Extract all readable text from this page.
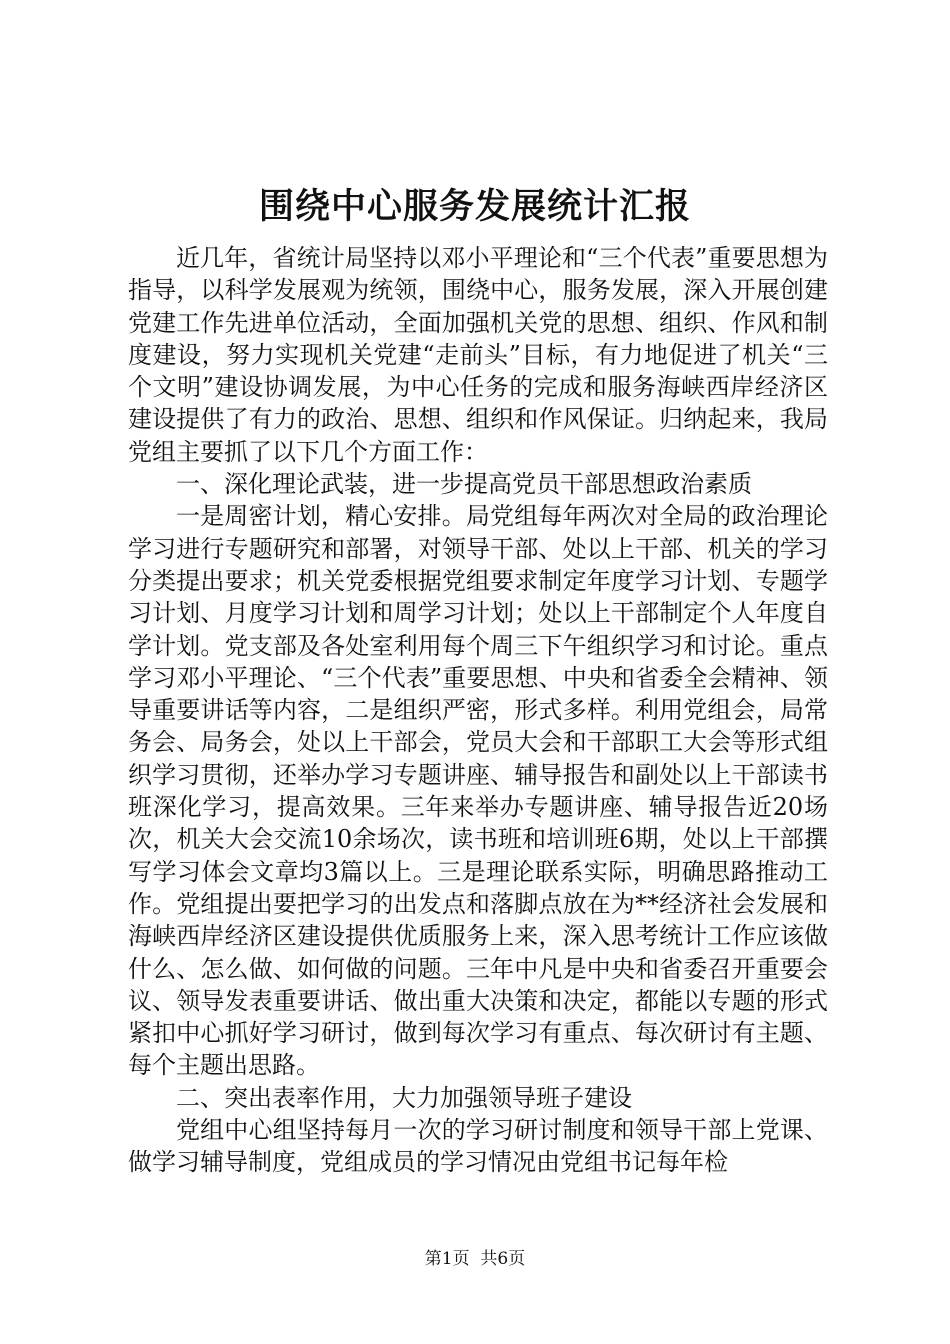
围绕中心服务发展统计汇报

近几年，省统计局坚持以邓小平理论和“三个代表”重要思想为指导，以科学发展观为统领，围绕中心，服务发展，深入开展创建党建工作先进单位活动，全面加强机关党的思想、组织、作风和制度建设，努力实现机关党建“走前头”目标，有力地促进了机关“三个文明”建设协调发展，为中心任务的完成和服务海峡西岸经济区建设提供了有力的政治、思想、组织和作风保证。归纳起来，我局党组主要抓了以下几个方面工作：

一、深化理论武装，进一步提高党员干部思想政治素质

一是周密计划，精心安排。局党组每年两次对全局的政治理论学习进行专题研究和部署，对领导干部、处以上干部、机关的学习分类提出要求；机关党委根据党组要求制定年度学习计划、专题学习计划、月度学习计划和周学习计划；处以上干部制定个人年度自学计划。党支部及各处室利用每个周三下午组织学习和讨论。重点学习邓小平理论、“三个代表”重要思想、中央和省委全会精神、领导重要讲话等内容，二是组织严密，形式多样。利用党组会，局常务会、局务会，处以上干部会，党员大会和干部职工大会等形式组织学习贯彻，还举办学习专题讲座、辅导报告和副处以上干部读书班深化学习，提高效果。三年来举办专题讲座、辅导报告近20场次，机关大会交流10余场次，读书班和培训班6期，处以上干部撰写学习体会文章均3篇以上。三是理论联系实际，明确思路推动工作。党组提出要把学习的出发点和落脚点放在为**经济社会发展和海峡西岸经济区建设提供优质服务上来，深入思考统计工作应该做什么、怎么做、如何做的问题。三年中凡是中央和省委召开重要会议、领导发表重要讲话、做出重大决策和决定，都能以专题的形式紧扣中心抓好学习研讨，做到每次学习有重点、每次研讨有主题、每个主题出思路。

二、突出表率作用，大力加强领导班子建设

党组中心组坚持每月一次的学习研讨制度和领导干部上党课、做学习辅导制度，党组成员的学习情况由党组书记每年检

第1页 共6页
